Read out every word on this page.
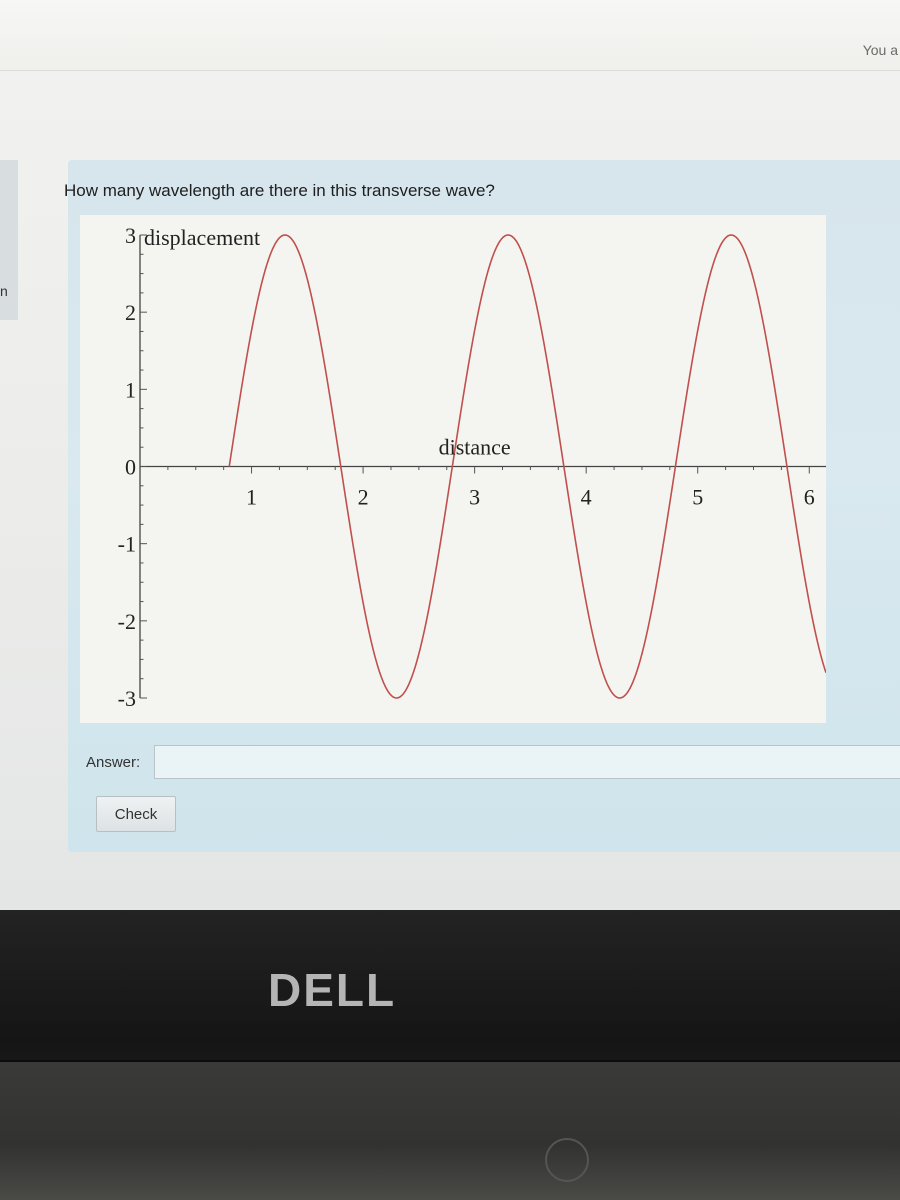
You a
n
How many wavelength are there in this transverse wave?
3
2
1
0
-1
-2
-3
1	2	3	4	5	6
distance
displacement
Answer:
Check
DELL
